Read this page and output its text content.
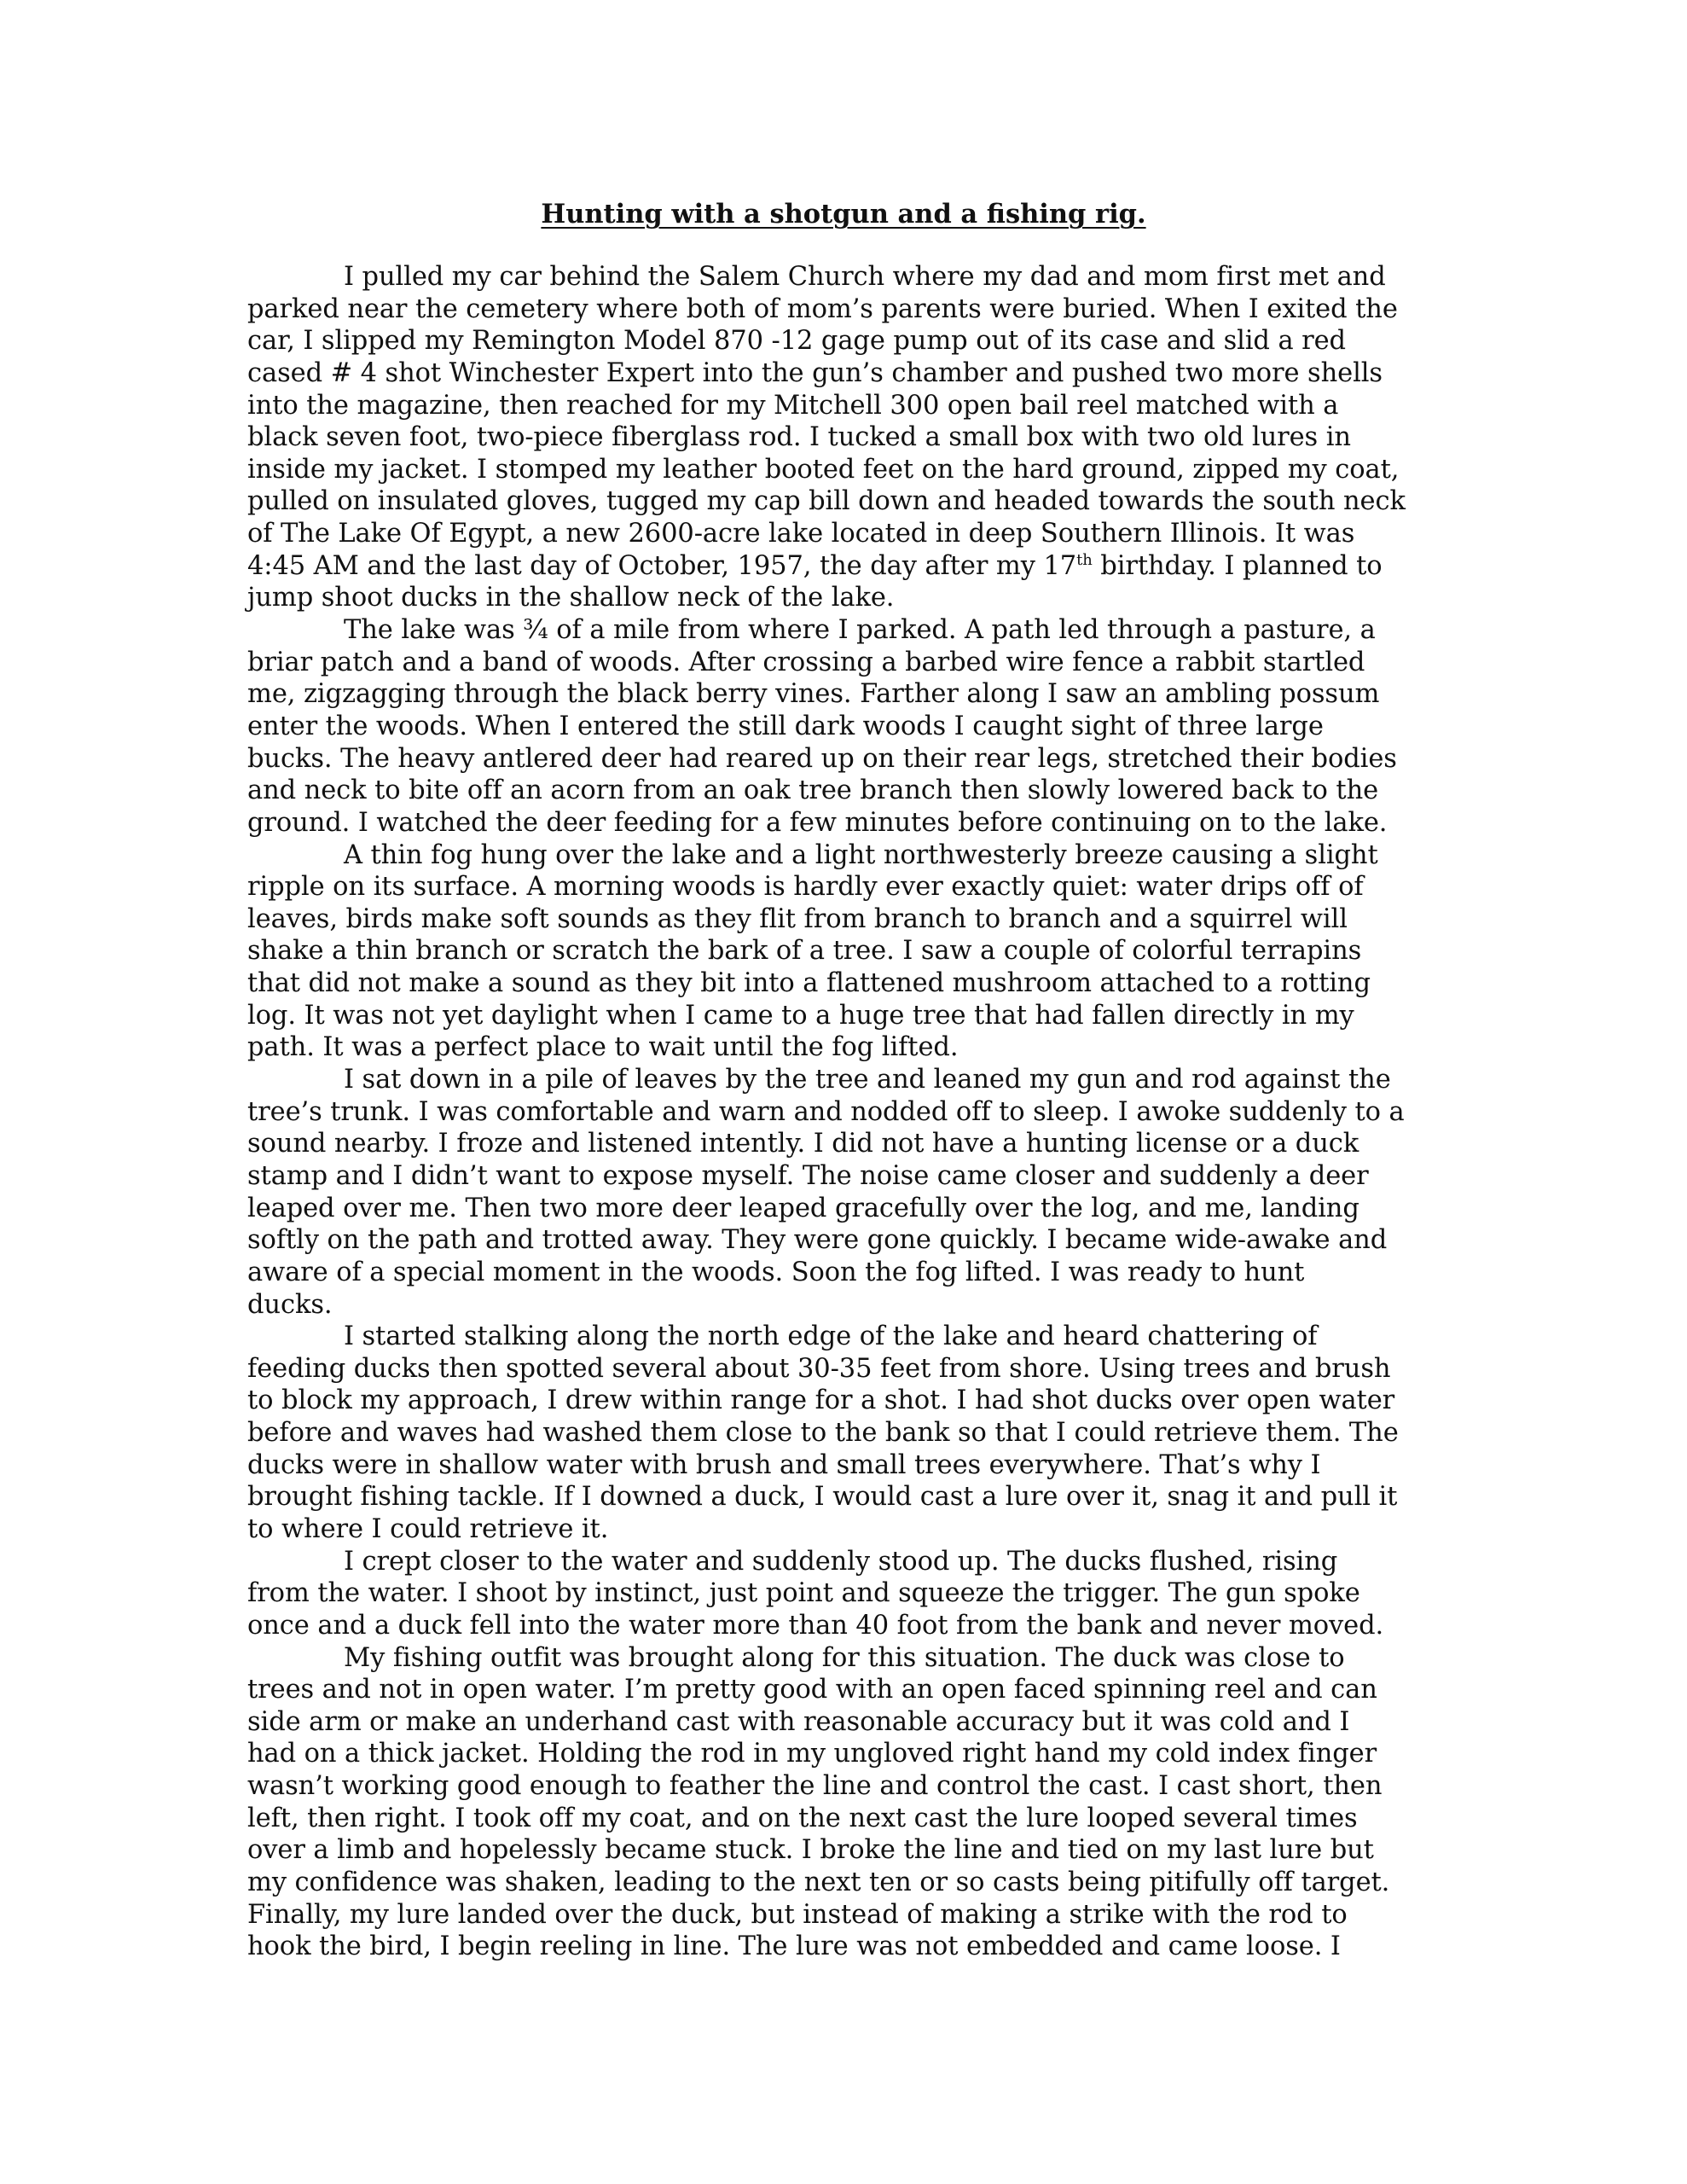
Hunting with a shotgun and a fishing rig.
I pulled my car behind the Salem Church where my dad and mom first met and
parked near the cemetery where both of mom’s parents were buried. When I exited the
car, I slipped my Remington Model 870 -12 gage pump out of its case and slid a red
cased # 4 shot Winchester Expert into the gun’s chamber and pushed two more shells
into the magazine, then reached for my Mitchell 300 open bail reel matched with a
black seven foot, two-piece fiberglass rod. I tucked a small box with two old lures in
inside my jacket. I stomped my leather booted feet on the hard ground, zipped my coat,
pulled on insulated gloves, tugged my cap bill down and headed towards the south neck
of The Lake Of Egypt, a new 2600-acre lake located in deep Southern Illinois. It was
4:45 AM and the last day of October, 1957, the day after my 17th birthday. I planned to
jump shoot ducks in the shallow neck of the lake.
The lake was ¾ of a mile from where I parked. A path led through a pasture, a
briar patch and a band of woods. After crossing a barbed wire fence a rabbit startled
me, zigzagging through the black berry vines. Farther along I saw an ambling possum
enter the woods. When I entered the still dark woods I caught sight of three large
bucks. The heavy antlered deer had reared up on their rear legs, stretched their bodies
and neck to bite off an acorn from an oak tree branch then slowly lowered back to the
ground. I watched the deer feeding for a few minutes before continuing on to the lake.
A thin fog hung over the lake and a light northwesterly breeze causing a slight
ripple on its surface. A morning woods is hardly ever exactly quiet: water drips off of
leaves, birds make soft sounds as they flit from branch to branch and a squirrel will
shake a thin branch or scratch the bark of a tree. I saw a couple of colorful terrapins
that did not make a sound as they bit into a flattened mushroom attached to a rotting
log. It was not yet daylight when I came to a huge tree that had fallen directly in my
path. It was a perfect place to wait until the fog lifted.
I sat down in a pile of leaves by the tree and leaned my gun and rod against the
tree’s trunk. I was comfortable and warn and nodded off to sleep. I awoke suddenly to a
sound nearby. I froze and listened intently. I did not have a hunting license or a duck
stamp and I didn’t want to expose myself. The noise came closer and suddenly a deer
leaped over me. Then two more deer leaped gracefully over the log, and me, landing
softly on the path and trotted away. They were gone quickly. I became wide-awake and
aware of a special moment in the woods. Soon the fog lifted. I was ready to hunt
ducks.
I started stalking along the north edge of the lake and heard chattering of
feeding ducks then spotted several about 30-35 feet from shore. Using trees and brush
to block my approach, I drew within range for a shot. I had shot ducks over open water
before and waves had washed them close to the bank so that I could retrieve them. The
ducks were in shallow water with brush and small trees everywhere. That’s why I
brought fishing tackle. If I downed a duck, I would cast a lure over it, snag it and pull it
to where I could retrieve it.
I crept closer to the water and suddenly stood up. The ducks flushed, rising
from the water. I shoot by instinct, just point and squeeze the trigger. The gun spoke
once and a duck fell into the water more than 40 foot from the bank and never moved.
My fishing outfit was brought along for this situation. The duck was close to
trees and not in open water. I’m pretty good with an open faced spinning reel and can
side arm or make an underhand cast with reasonable accuracy but it was cold and I
had on a thick jacket. Holding the rod in my ungloved right hand my cold index finger
wasn’t working good enough to feather the line and control the cast. I cast short, then
left, then right. I took off my coat, and on the next cast the lure looped several times
over a limb and hopelessly became stuck. I broke the line and tied on my last lure but
my confidence was shaken, leading to the next ten or so casts being pitifully off target.
Finally, my lure landed over the duck, but instead of making a strike with the rod to
hook the bird, I begin reeling in line. The lure was not embedded and came loose. I
